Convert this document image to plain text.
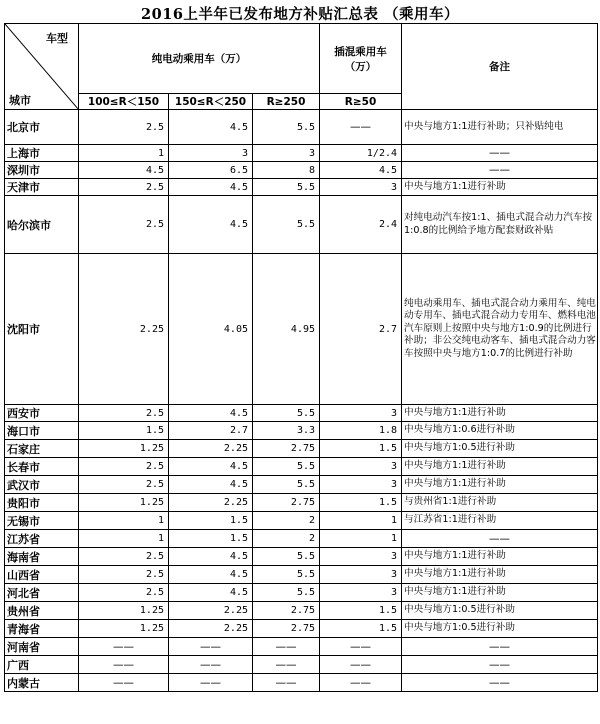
2016上半年已发布地方补贴汇总表 （乘用车）
车型
城市	纯电动乘用车（万）			插混乘用车（万）	备注
	100≤R＜150	150≤R＜250	R≥250	R≥50	
北京市	2.5	4.5	5.5	——	中央与地方1:1进行补助；只补贴纯电
上海市	1	3	3	1/2.4	——
深圳市	4.5	6.5	8	4.5	——
天津市	2.5	4.5	5.5	3	中央与地方1:1进行补助
哈尔滨市	2.5	4.5	5.5	2.4	对纯电动汽车按1:1、插电式混合动力汽车按1:0.8的比例给予地方配套财政补贴
沈阳市	2.25	4.05	4.95	2.7	纯电动乘用车、插电式混合动力乘用车、纯电动专用车、插电式混合动力专用车、燃料电池汽车原则上按照中央与地方1:0.9的比例进行补助；非公交纯电动客车、插电式混合动力客车按照中央与地方1:0.7的比例进行补助
西安市	2.5	4.5	5.5	3	中央与地方1:1进行补助
海口市	1.5	2.7	3.3	1.8	中央与地方1:0.6进行补助
石家庄	1.25	2.25	2.75	1.5	中央与地方1:0.5进行补助
长春市	2.5	4.5	5.5	3	中央与地方1:1进行补助
武汉市	2.5	4.5	5.5	3	中央与地方1:1进行补助
贵阳市	1.25	2.25	2.75	1.5	与贵州省1:1进行补助
无锡市	1	1.5	2	1	与江苏省1:1进行补助
江苏省	1	1.5	2	1	——
海南省	2.5	4.5	5.5	3	中央与地方1:1进行补助
山西省	2.5	4.5	5.5	3	中央与地方1:1进行补助
河北省	2.5	4.5	5.5	3	中央与地方1:1进行补助
贵州省	1.25	2.25	2.75	1.5	中央与地方1:0.5进行补助
青海省	1.25	2.25	2.75	1.5	中央与地方1:0.5进行补助
河南省	——	——	——	——	——
广西	——	——	——	——	——
内蒙古	——	——	——	——	——
